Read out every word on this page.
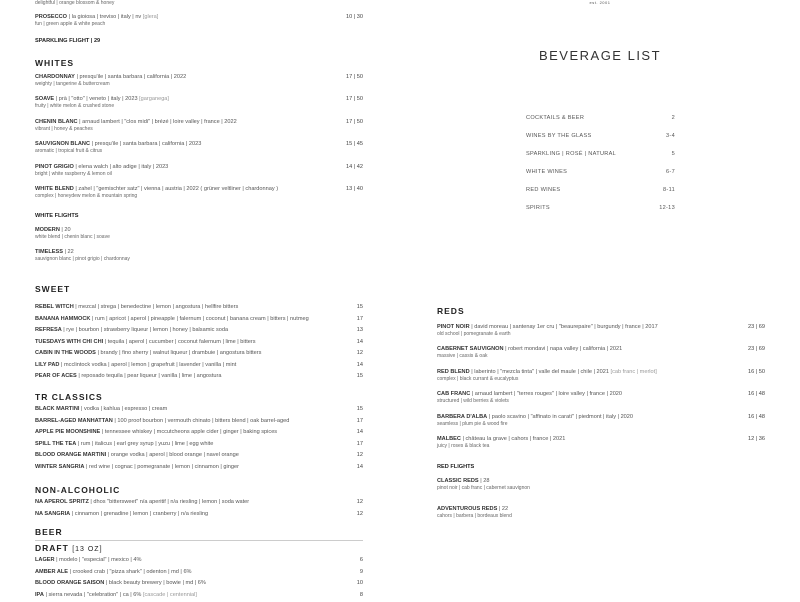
delightful | orange blossom & honey
PROSECCO | la gioiosa | treviso | italy | nv [glera]	10 | 30
fun | green apple & white peach
SPARKLING FLIGHT | 29
WHITES
CHARDONNAY | presqu'ile | santa barbara | california | 2022	17 | 50
weighty | tangerine & buttercream
SOAVE | prà | "otto" | veneto | italy | 2023 [garganega]	17 | 50
fruity | white melon & crushed stone
CHENIN BLANC | arnaud lambert | "clos midi" | brézé | loire valley | france | 2022	17 | 50
vibrant | honey & peaches
SAUVIGNON BLANC | presqu'ile | santa barbara | california | 2023	15 | 45
aromatic | tropical fruit & citrus
PINOT GRIGIO | elena walch | alto adige | italy | 2023	14 | 42
bright | white raspberry & lemon oil
WHITE BLEND | zahel | "gemischter satz" | vienna | austria | 2022 ( grüner veltliner | chardonnay )	13 | 40
complex | honeydew melon & mountain spring
WHITE FLIGHTS
MODERN | 20
white blend | chenin blanc | soave
TIMELESS | 22
sauvignon blanc | pinot grigio | chardonnay
SWEET
REBEL WITCH | mezcal | strega | benedectine | lemon | angostura | hellfire bitters	15
BANANA HAMMOCK | rum | apricot | aperol | pineapple | falernum | coconut | banana cream | bitters | nutmeg	17
REFRESA | rye | bourbon | strawberry liqueur | lemon | honey | balsamic soda	13
TUESDAYS WITH CHI CHI | tequila | aperol | cucumber | coconut falernum | lime | bitters	14
CABIN IN THE WOODS | brandy | fino sherry | walnut liqueur | drambuie | angostura bitters	12
LILY PAD | mcclintock vodka | aperol | lemon | grapefruit | lavender | vanilla | mint	14
PEAR OF ACES | reposado tequila | pear liqueur | vanilla | lime | angostura	15
TR CLASSICS
BLACK MARTINI | vodka | kahlua | espresso | cream	15
BARREL-AGED MANHATTAN | 100 proof bourbon | vermouth chinato | bitters blend | oak barrel-aged	17
APPLE PIE MOONSHINE | tennessee whiskey | mccutcheons apple cider | ginger | baking spices	14
SPILL THE TEA | rum | italicus | earl grey syrup | yuzu | lime | egg white	17
BLOOD ORANGE MARTINI | orange vodka | aperol | blood orange | navel orange	12
WINTER SANGRIA | red wine | cognac | pomegranate | lemon | cinnamon | ginger	14
NON-ALCOHOLIC
NA APEROL SPRITZ | dhos "bittersweet" n/a aperitif | n/a riesling | lemon | soda water	12
NA SANGRIA | cinnamon | grenadine | lemon | cranberry | n/a riesling	12
BEER
DRAFT [13 OZ]
LAGER | modelo | "especial" | mexico | 4%	6
AMBER ALE | crooked crab | "pizza shark" | odenton | md | 6%	9
BLOOD ORANGE SAISON | black beauty brewery | bowie | md | 6%	10
IPA | sierra nevada | "celebration" | ca | 6% [cascade | centennial]	8
est. 2001
BEVERAGE LIST
COCKTAILS & BEER	2
WINES BY THE GLASS	3-4
SPARKLING | ROSÉ | NATURAL	5
WHITE WINES	6-7
RED WINES	8-11
SPIRITS	12-13
REDS
PINOT NOIR | david moreau | santenay 1er cru | "beaurepaire" | burgundy | france | 2017	23 | 69
old school | pomegranate & earth
CABERNET SAUVIGNON | robert mondavi | napa valley | california | 2021	23 | 69
massive | cassis & oak
RED BLEND | laberinto | "mezcla tinta" | valle del maule | chile | 2021 [cab franc | merlot]	16 | 50
complex | black currant & eucalyptus
CAB FRANC | arnaud lambert | "terres rouges" | loire valley | france | 2020	16 | 48
structured | wild berries & violets
BARBERA D'ALBA | paolo scavino | "affinato in carati" | piedmont | italy | 2020	16 | 48
seamless | plum pie & wood fire
MALBEC | château la grave | cahors | france | 2021	12 | 36
juicy | roses & black tea
RED FLIGHTS
CLASSIC REDS | 28
pinot noir | cab franc | cabernet sauvignon
ADVENTUROUS REDS | 22
cahors | barbera | bordeaux blend
